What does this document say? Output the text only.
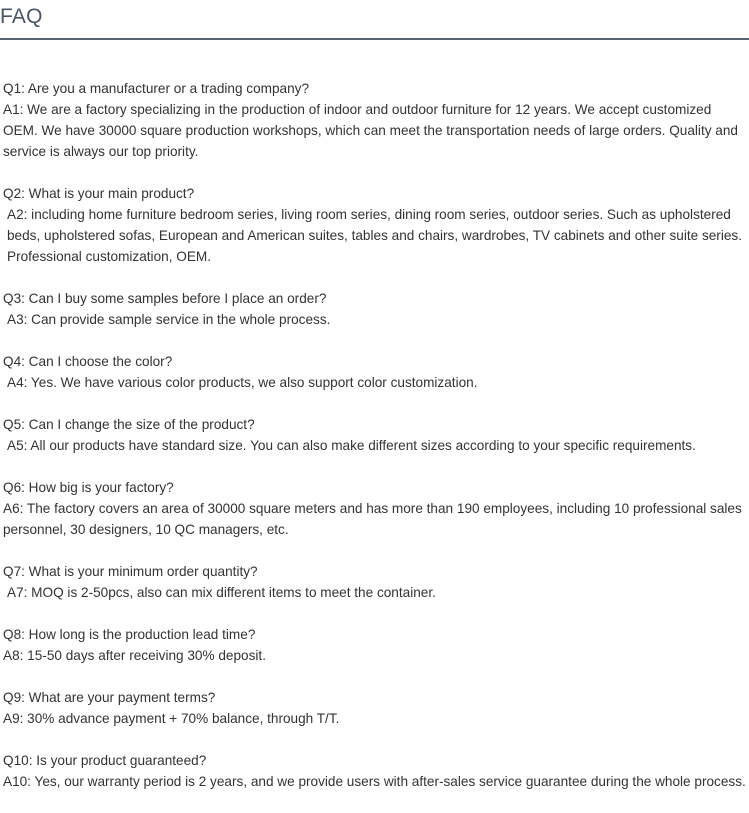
FAQ
Q1: Are you a manufacturer or a trading company?
A1: We are a factory specializing in the production of indoor and outdoor furniture for 12 years. We accept customized OEM. We have 30000 square production workshops, which can meet the transportation needs of large orders. Quality and service is always our top priority.
Q2: What is your main product?
A2: including home furniture bedroom series, living room series, dining room series, outdoor series. Such as upholstered beds, upholstered sofas, European and American suites, tables and chairs, wardrobes, TV cabinets and other suite series. Professional customization, OEM.
Q3: Can I buy some samples before I place an order?
A3: Can provide sample service in the whole process.
Q4: Can I choose the color?
A4: Yes. We have various color products, we also support color customization.
Q5: Can I change the size of the product?
A5: All our products have standard size. You can also make different sizes according to your specific requirements.
Q6: How big is your factory?
A6: The factory covers an area of 30000 square meters and has more than 190 employees, including 10 professional sales personnel, 30 designers, 10 QC managers, etc.
Q7: What is your minimum order quantity?
A7: MOQ is 2-50pcs, also can mix different items to meet the container.
Q8: How long is the production lead time?
A8: 15-50 days after receiving 30% deposit.
Q9: What are your payment terms?
A9: 30% advance payment + 70% balance, through T/T.
Q10: Is your product guaranteed?
A10: Yes, our warranty period is 2 years, and we provide users with after-sales service guarantee during the whole process.
